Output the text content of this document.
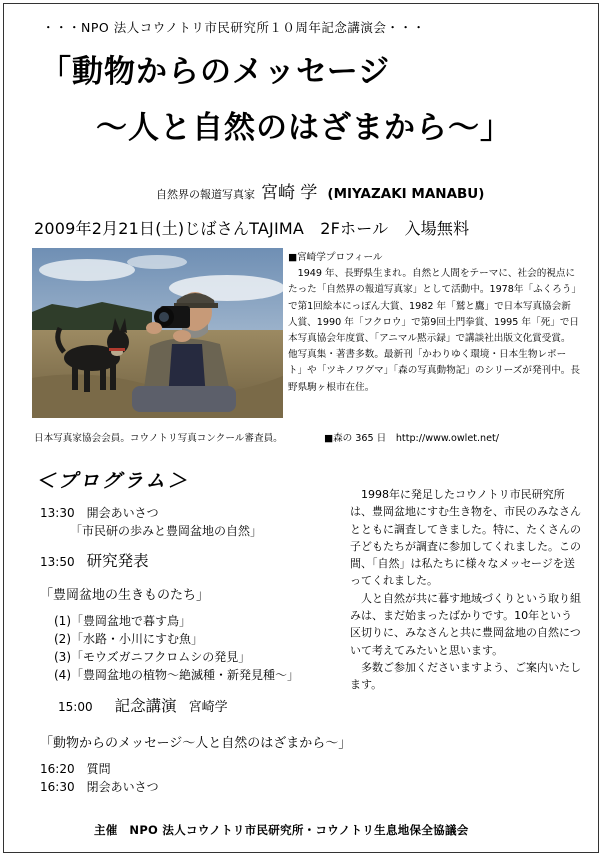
・・・NPO 法人コウノトリ市民研究所１０周年記念講演会・・・
「動物からのメッセージ
～人と自然のはざまから～」
自然界の報道写真家 宮崎 学 (MIYAZAKI MANABU)
2009年2月21日(土)じばさんTAJIMA　2Fホール　入場無料
■宮崎学プロフィール
1949 年、長野県生まれ。自然と人間をテーマに、社会的視点にたった「自然界の報道写真家」として活動中。1978年「ふくろう」で第1回絵本にっぽん大賞、1982 年「鷲と鷹」で日本写真協会新人賞、1990 年「フクロウ」で第9回土門拳賞、1995 年「死」で日本写真協会年度賞、「アニマル黙示録」で講談社出版文化賞受賞。他写真集・著書多数。最新刊「かわりゆく環境・日本生物レポート」や「ツキノワグマ」「森の写真動物記」のシリーズが発刊中。長野県駒ヶ根市在住。
日本写真家協会会員。コウノトリ写真コンクール審査員。	■森の 365 日　http://www.owlet.net/
＜プログラム＞
13:30 開会あいさつ
「市民研の歩みと豊岡盆地の自然」
13:50 研究発表
「豊岡盆地の生きものたち」
(1)「豊岡盆地で暮す鳥」
(2)「水路・小川にすむ魚」
(3)「モウズガニフクロムシの発見」
(4)「豊岡盆地の植物～絶滅種・新発見種～」
15:00 記念講演 宮崎学
「動物からのメッセージ～人と自然のはざまから～」
16:20 質問
16:30 閉会あいさつ

1998年に発足したコウノトリ市民研究所は、豊岡盆地にすむ生き物を、市民のみなさんとともに調査してきました。特に、たくさんの子どもたちが調査に参加してくれました。この間、「自然」は私たちに様々なメッセージを送ってくれました。

人と自然が共に暮す地域づくりという取り組みは、まだ始まったばかりです。10年という区切りに、みなさんと共に豊岡盆地の自然について考えてみたいと思います。

多数ご参加くださいますよう、ご案内いたします。

主催　NPO 法人コウノトリ市民研究所・コウノトリ生息地保全協議会
